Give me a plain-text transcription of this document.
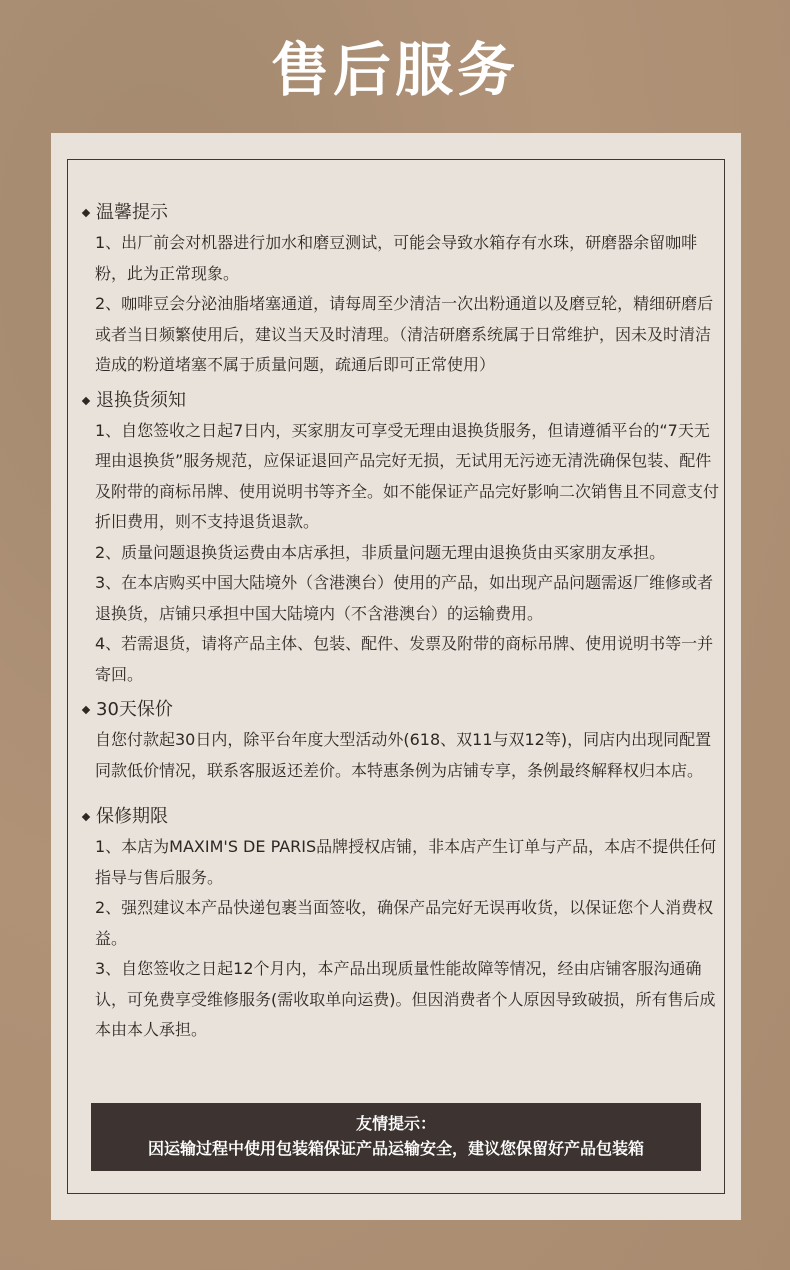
售后服务
温馨提示
1、出厂前会对机器进行加水和磨豆测试，可能会导致水箱存有水珠，研磨器余留咖啡粉，此为正常现象。
2、咖啡豆会分泌油脂堵塞通道，请每周至少清洁一次出粉通道以及磨豆轮，精细研磨后或者当日频繁使用后，建议当天及时清理。（清洁研磨系统属于日常维护，因未及时清洁造成的粉道堵塞不属于质量问题，疏通后即可正常使用）
退换货须知
1、自您签收之日起7日内，买家朋友可享受无理由退换货服务，但请遵循平台的“7天无理由退换货”服务规范，应保证退回产品完好无损，无试用无污迹无清洗确保包装、配件及附带的商标吊牌、使用说明书等齐全。如不能保证产品完好影响二次销售且不同意支付折旧费用，则不支持退货退款。
2、质量问题退换货运费由本店承担，非质量问题无理由退换货由买家朋友承担。
3、在本店购买中国大陆境外（含港澳台）使用的产品，如出现产品问题需返厂维修或者退换货，店铺只承担中国大陆境内（不含港澳台）的运输费用。
4、若需退货，请将产品主体、包装、配件、发票及附带的商标吊牌、使用说明书等一并寄回。
30天保价
自您付款起30日内，除平台年度大型活动外(618、双11与双12等)，同店内出现同配置同款低价情况，联系客服返还差价。本特惠条例为店铺专享，条例最终解释权归本店。
保修期限
1、本店为MAXIM'S DE PARIS品牌授权店铺，非本店产生订单与产品，本店不提供任何指导与售后服务。
2、强烈建议本产品快递包裹当面签收，确保产品完好无误再收货，以保证您个人消费权益。
3、自您签收之日起12个月内，本产品出现质量性能故障等情况，经由店铺客服沟通确认，可免费享受维修服务(需收取单向运费)。但因消费者个人原因导致破损，所有售后成本由本人承担。
友情提示：
因运输过程中使用包装箱保证产品运输安全，建议您保留好产品包装箱
